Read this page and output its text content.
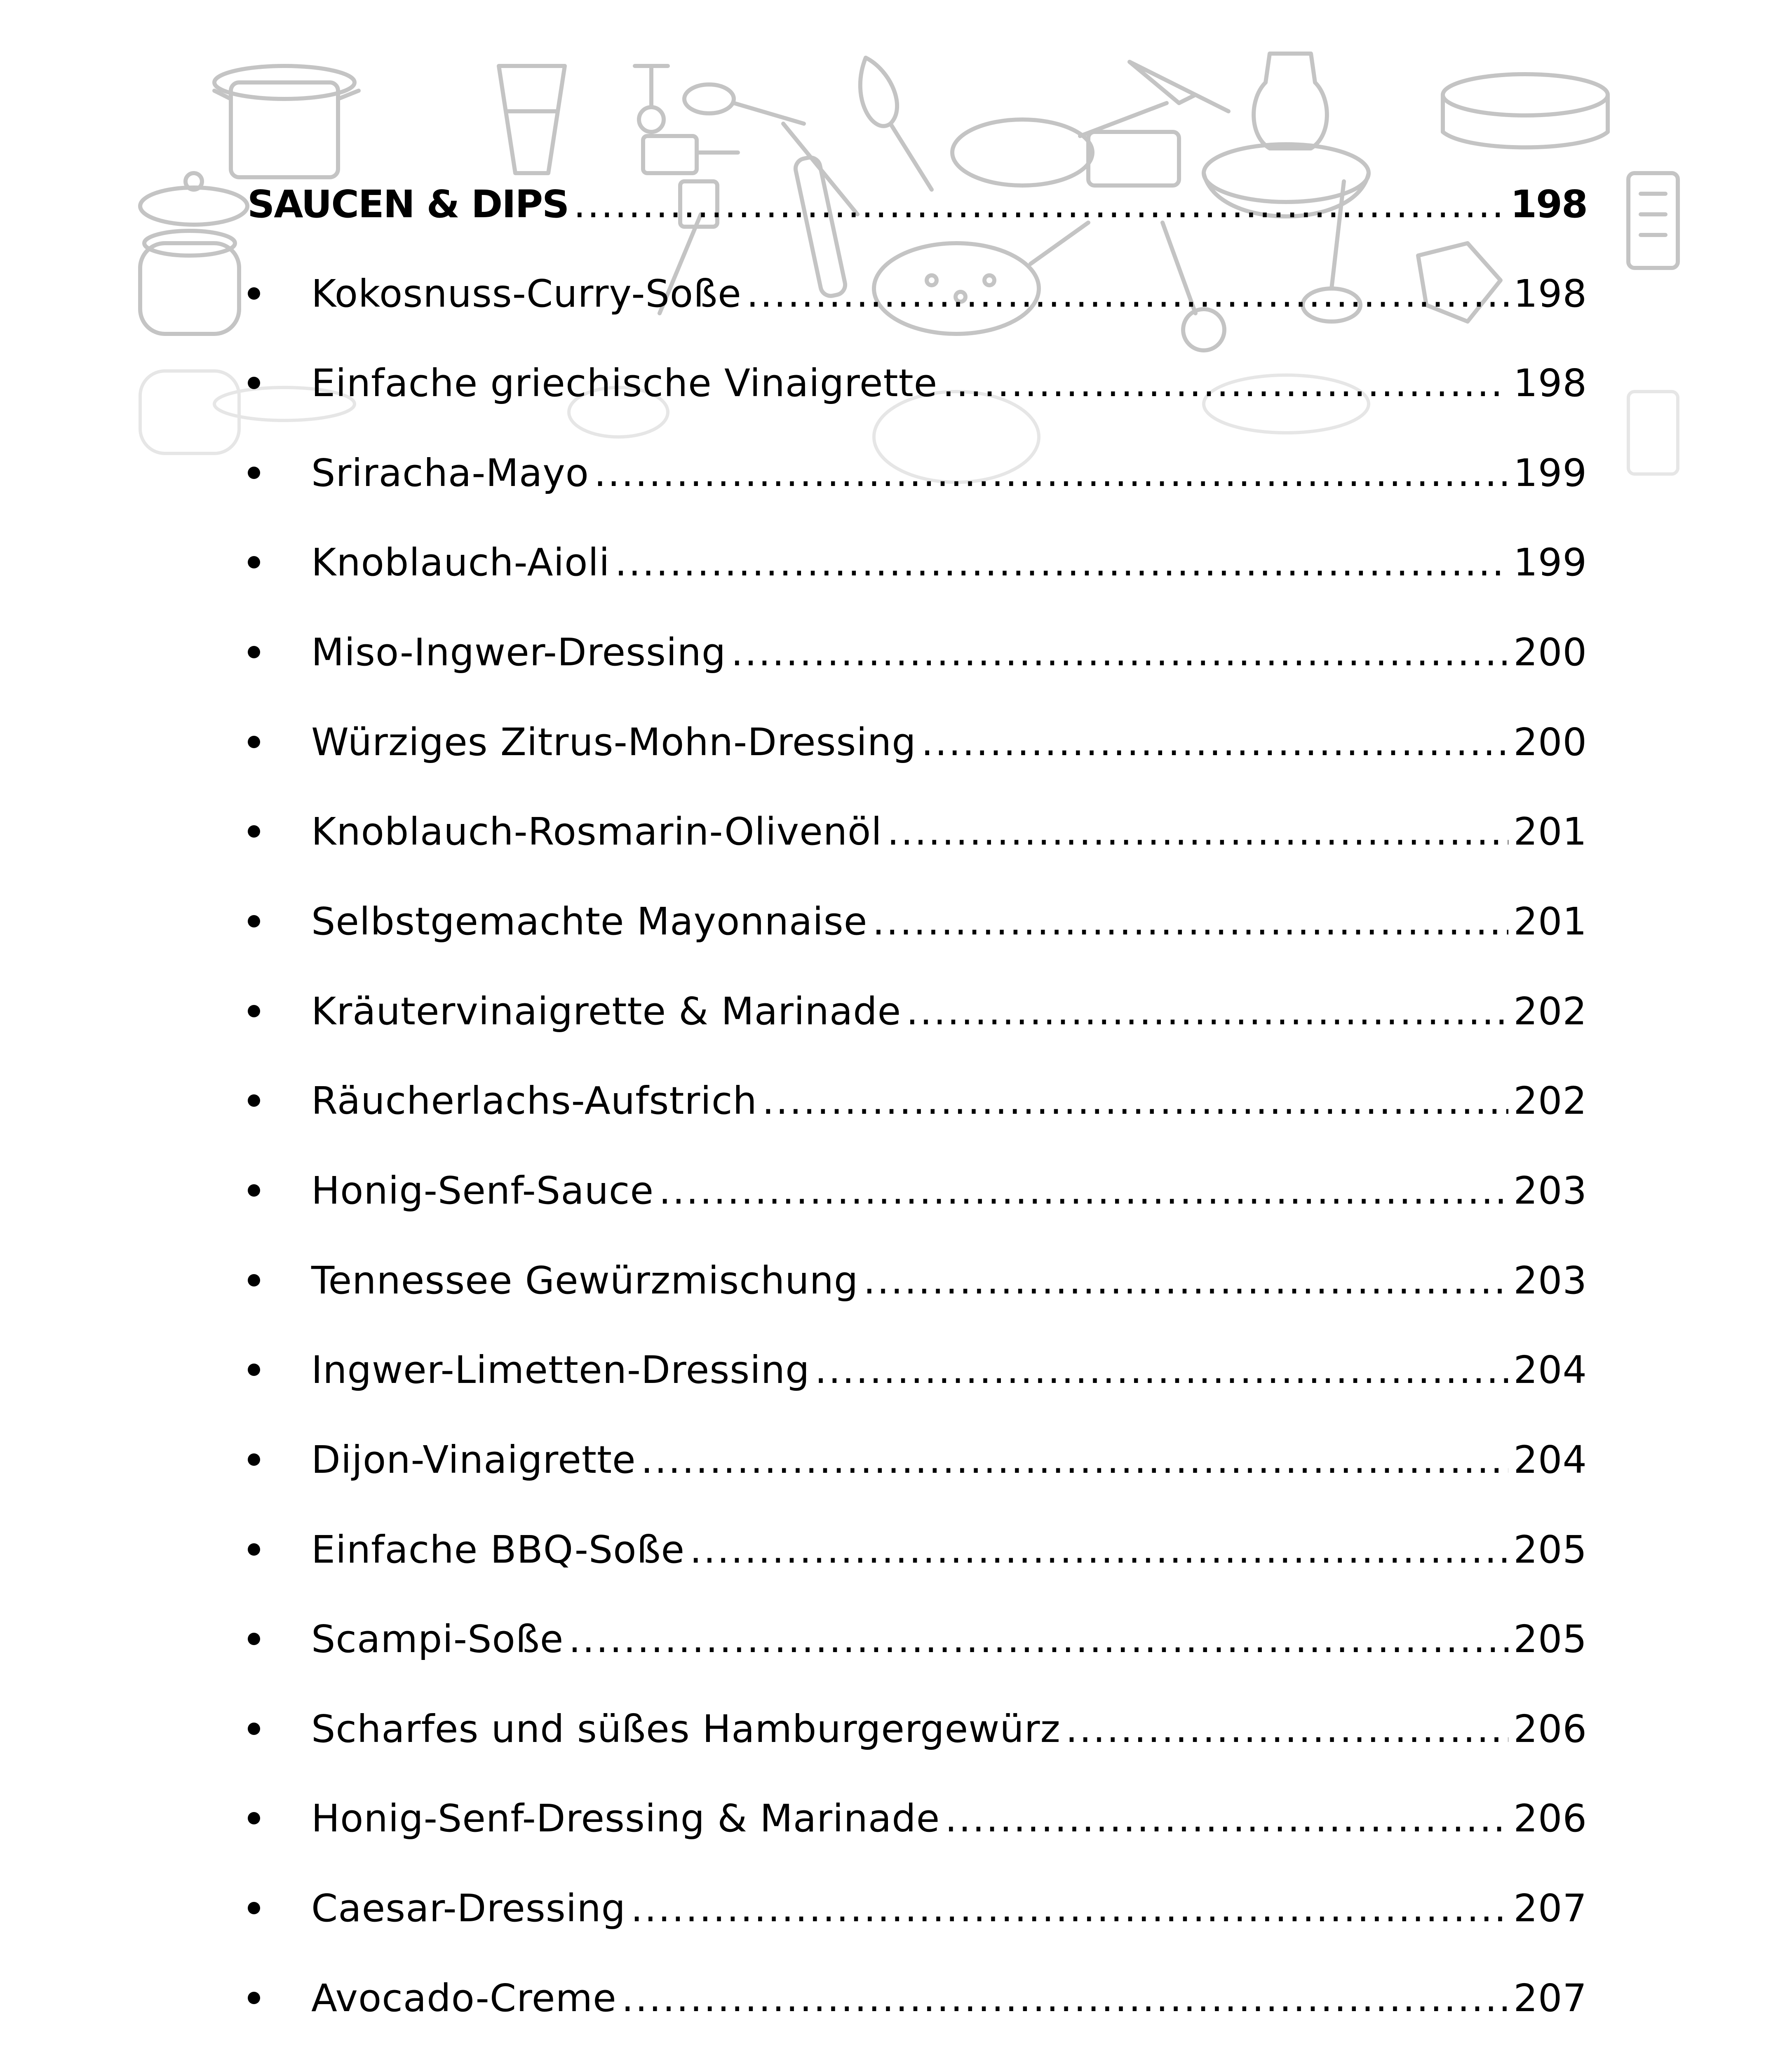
SAUCEN & DIPS .....	198
Kokosnuss-Curry-Soße .....	198
Einfache griechische Vinaigrette .....	198
Sriracha-Mayo .....	199
Knoblauch-Aioli .....	199
Miso-Ingwer-Dressing .....	200
Würziges Zitrus-Mohn-Dressing .....	200
Knoblauch-Rosmarin-Olivenöl .....	201
Selbstgemachte Mayonnaise .....	201
Kräutervinaigrette & Marinade .....	202
Räucherlachs-Aufstrich .....	202
Honig-Senf-Sauce .....	203
Tennessee Gewürzmischung .....	203
Ingwer-Limetten-Dressing .....	204
Dijon-Vinaigrette .....	204
Einfache BBQ-Soße .....	205
Scampi-Soße .....	205
Scharfes und süßes Hamburgergewürz .....	206
Honig-Senf-Dressing & Marinade .....	206
Caesar-Dressing .....	207
Avocado-Creme .....	207
